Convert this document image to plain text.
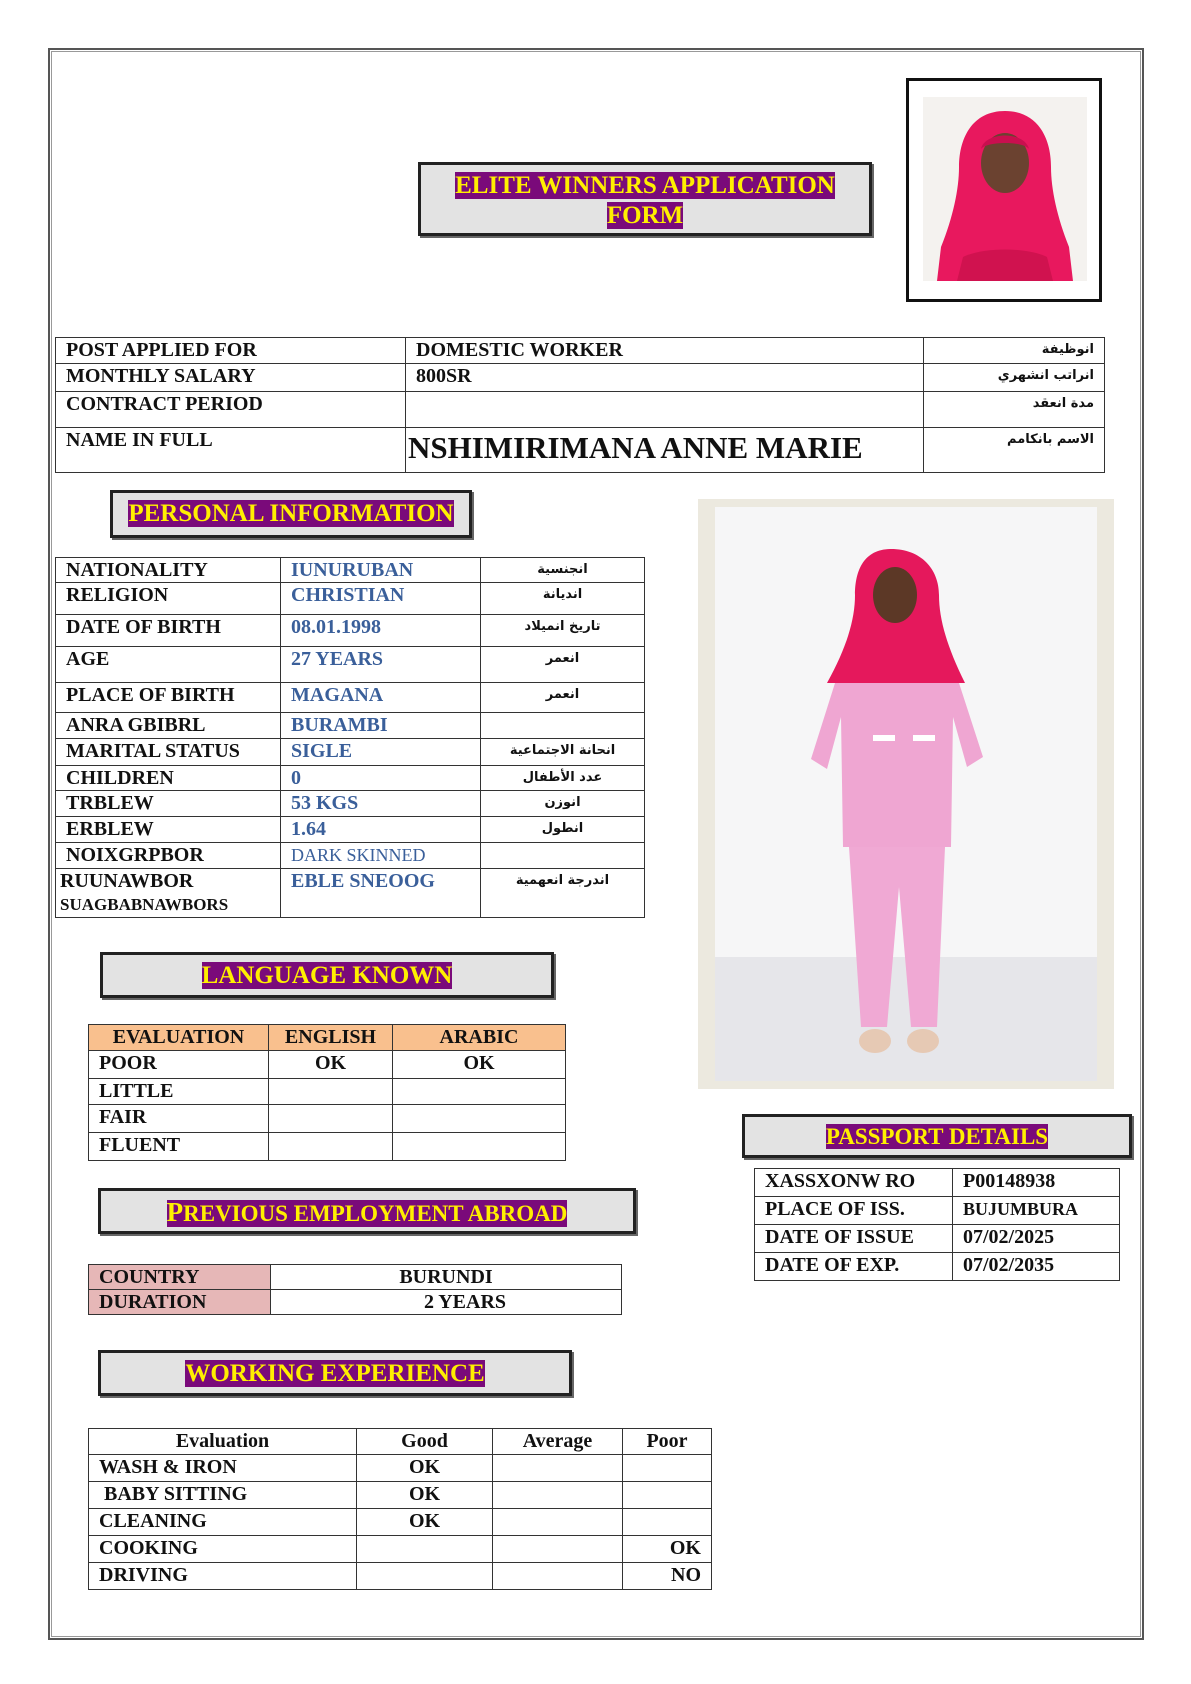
ELITE WINNERS APPLICATION
FORM
POST APPLIED FOR	DOMESTIC WORKER	انوظيفة
MONTHLY SALARY	800SR	انراتب انشهري
CONTRACT PERIOD		مدة انعقد
NAME IN FULL	NSHIMIRIMANA ANNE MARIE	الاسم بانكامم
PERSONAL INFORMATION
NATIONALITY	IUNURUBAN	انجنسية
RELIGION	CHRISTIAN	انديانة
DATE OF BIRTH	08.01.1998	تاريخ انميلاد
AGE	27 YEARS	انعمر
PLACE OF BIRTH	MAGANA	انعمر
ANRA GBIBRL	BURAMBI	
MARITAL STATUS	SIGLE	انحانة الاجتماعية
CHILDREN	0	عدد الأطفال
TRBLEW	53 KGS	انوزن
ERBLEW	1.64	انطول
NOIXGRPBOR	DARK SKINNED	

RUUNAWBOR
SUAGBABNAWBORS	EBLE SNEOOG	اندرجة انعهمية
LANGUAGE KNOWN
EVALUATION	ENGLISH	ARABIC
POOR	OK	OK
LITTLE		
FAIR		
FLUENT		
PREVIOUS EMPLOYMENT ABROAD
COUNTRY	BURUNDI
DURATION	2 YEARS
WORKING EXPERIENCE
Evaluation	Good	Average	Poor
WASH & IRON	OK		
BABY SITTING	OK		
CLEANING	OK		
COOKING			OK
DRIVING			NO
PASSPORT DETAILS
XASSXONW RO	P00148938
PLACE OF ISS.	BUJUMBURA
DATE OF ISSUE	07/02/2025
DATE OF EXP.	07/02/2035
